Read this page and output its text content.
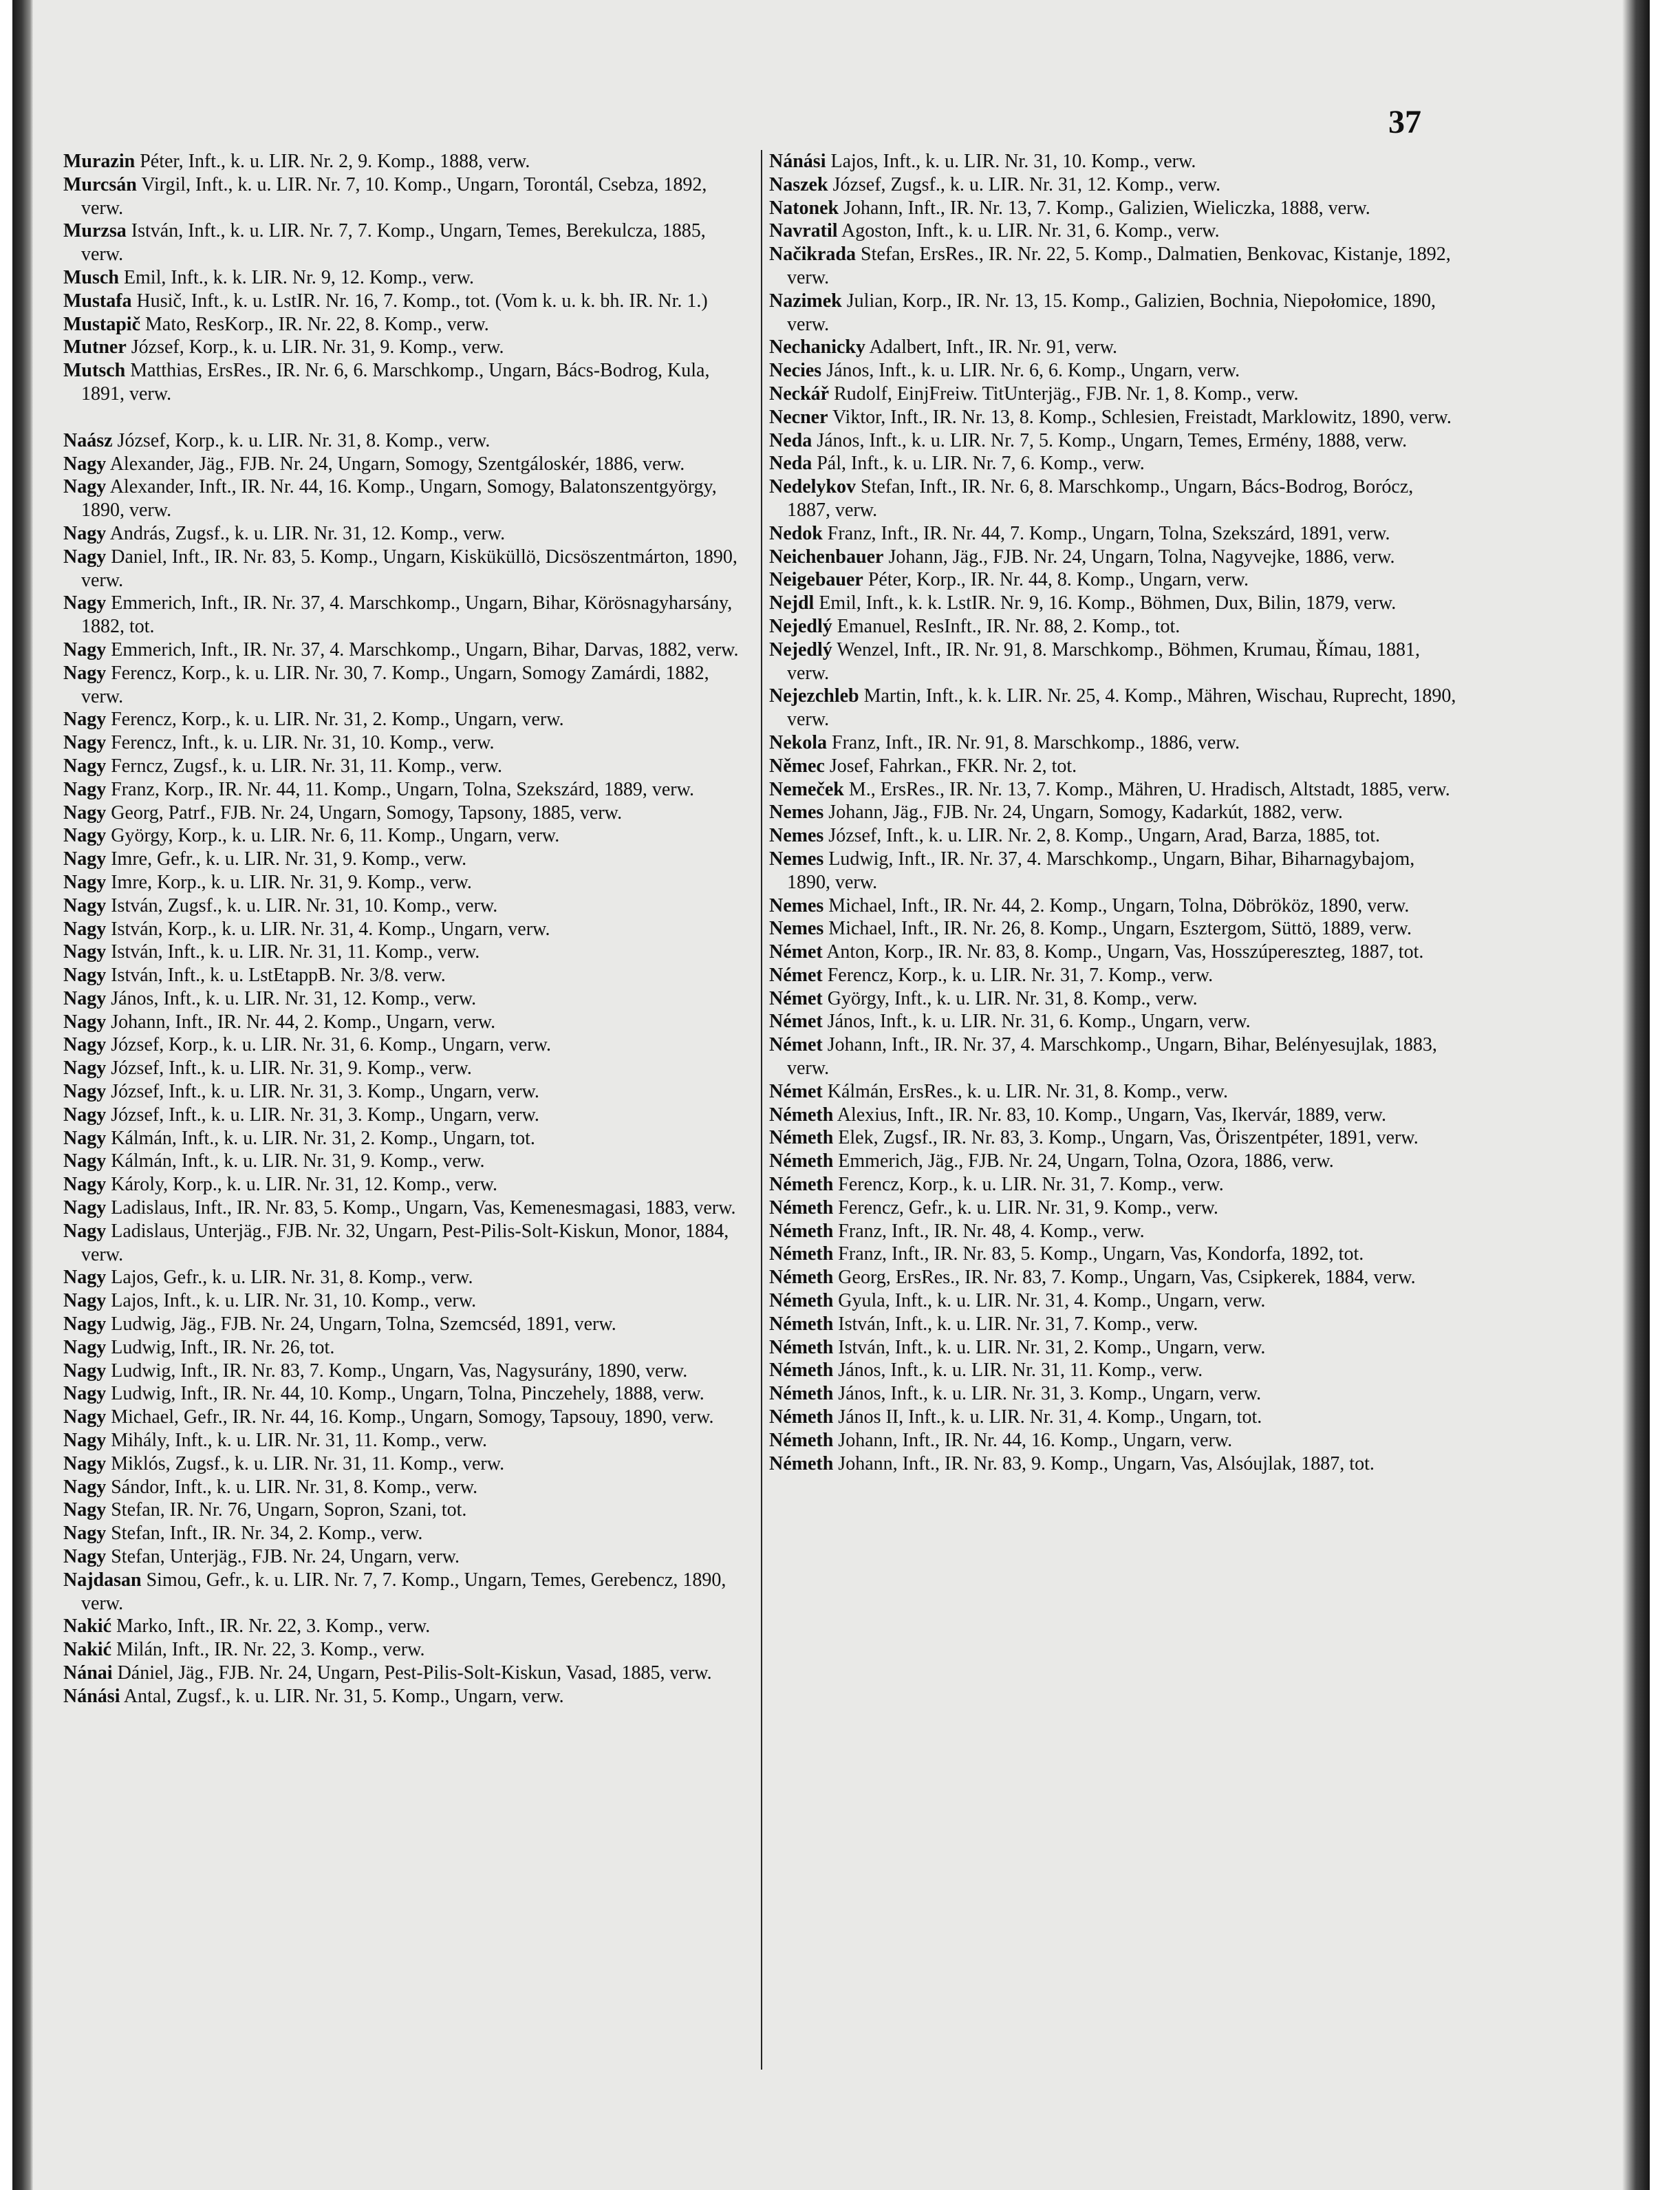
37

Murazin Péter, Inft., k. u. LIR. Nr. 2, 9. Komp., 1888, verw.

Murcsán Virgil, Inft., k. u. LIR. Nr. 7, 10. Komp., Ungarn, Torontál, Csebza, 1892, verw.

Murzsa István, Inft., k. u. LIR. Nr. 7, 7. Komp., Ungarn, Temes, Berekulcza, 1885, verw.

Musch Emil, Inft., k. k. LIR. Nr. 9, 12. Komp., verw.

Mustafa Husič, Inft., k. u. LstIR. Nr. 16, 7. Komp., tot. (Vom k. u. k. bh. IR. Nr. 1.)

Mustapič Mato, ResKorp., IR. Nr. 22, 8. Komp., verw.

Mutner József, Korp., k. u. LIR. Nr. 31, 9. Komp., verw.

Mutsch Matthias, ErsRes., IR. Nr. 6, 6. Marschkomp., Ungarn, Bács-Bodrog, Kula, 1891, verw.

Naász József, Korp., k. u. LIR. Nr. 31, 8. Komp., verw.

Nagy Alexander, Jäg., FJB. Nr. 24, Ungarn, Somogy, Szentgáloskér, 1886, verw.

Nagy Alexander, Inft., IR. Nr. 44, 16. Komp., Ungarn, Somogy, Balatonszentgyörgy, 1890, verw.

Nagy András, Zugsf., k. u. LIR. Nr. 31, 12. Komp., verw.

Nagy Daniel, Inft., IR. Nr. 83, 5. Komp., Ungarn, Kisküküllö, Dicsöszentmárton, 1890, verw.

Nagy Emmerich, Inft., IR. Nr. 37, 4. Marschkomp., Ungarn, Bihar, Körösnagyharsány, 1882, tot.

Nagy Emmerich, Inft., IR. Nr. 37, 4. Marschkomp., Ungarn, Bihar, Darvas, 1882, verw.

Nagy Ferencz, Korp., k. u. LIR. Nr. 30, 7. Komp., Ungarn, Somogy Zamárdi, 1882, verw.

Nagy Ferencz, Korp., k. u. LIR. Nr. 31, 2. Komp., Ungarn, verw.

Nagy Ferencz, Inft., k. u. LIR. Nr. 31, 10. Komp., verw.

Nagy Ferncz, Zugsf., k. u. LIR. Nr. 31, 11. Komp., verw.

Nagy Franz, Korp., IR. Nr. 44, 11. Komp., Ungarn, Tolna, Szekszárd, 1889, verw.

Nagy Georg, Patrf., FJB. Nr. 24, Ungarn, Somogy, Tapsony, 1885, verw.

Nagy György, Korp., k. u. LIR. Nr. 6, 11. Komp., Ungarn, verw.

Nagy Imre, Gefr., k. u. LIR. Nr. 31, 9. Komp., verw.

Nagy Imre, Korp., k. u. LIR. Nr. 31, 9. Komp., verw.

Nagy István, Zugsf., k. u. LIR. Nr. 31, 10. Komp., verw.

Nagy István, Korp., k. u. LIR. Nr. 31, 4. Komp., Ungarn, verw.

Nagy István, Inft., k. u. LIR. Nr. 31, 11. Komp., verw.

Nagy István, Inft., k. u. LstEtappB. Nr. 3/8. verw.

Nagy János, Inft., k. u. LIR. Nr. 31, 12. Komp., verw.

Nagy Johann, Inft., IR. Nr. 44, 2. Komp., Ungarn, verw.

Nagy József, Korp., k. u. LIR. Nr. 31, 6. Komp., Ungarn, verw.

Nagy József, Inft., k. u. LIR. Nr. 31, 9. Komp., verw.

Nagy József, Inft., k. u. LIR. Nr. 31, 3. Komp., Ungarn, verw.

Nagy József, Inft., k. u. LIR. Nr. 31, 3. Komp., Ungarn, verw.

Nagy Kálmán, Inft., k. u. LIR. Nr. 31, 2. Komp., Ungarn, tot.

Nagy Kálmán, Inft., k. u. LIR. Nr. 31, 9. Komp., verw.

Nagy Károly, Korp., k. u. LIR. Nr. 31, 12. Komp., verw.

Nagy Ladislaus, Inft., IR. Nr. 83, 5. Komp., Ungarn, Vas, Kemenesmagasi, 1883, verw.

Nagy Ladislaus, Unterjäg., FJB. Nr. 32, Ungarn, Pest-Pilis-Solt-Kiskun, Monor, 1884, verw.

Nagy Lajos, Gefr., k. u. LIR. Nr. 31, 8. Komp., verw.

Nagy Lajos, Inft., k. u. LIR. Nr. 31, 10. Komp., verw.

Nagy Ludwig, Jäg., FJB. Nr. 24, Ungarn, Tolna, Szemcséd, 1891, verw.

Nagy Ludwig, Inft., IR. Nr. 26, tot.

Nagy Ludwig, Inft., IR. Nr. 83, 7. Komp., Ungarn, Vas, Nagysurány, 1890, verw.

Nagy Ludwig, Inft., IR. Nr. 44, 10. Komp., Ungarn, Tolna, Pinczehely, 1888, verw.

Nagy Michael, Gefr., IR. Nr. 44, 16. Komp., Ungarn, Somogy, Tapsouy, 1890, verw.

Nagy Mihály, Inft., k. u. LIR. Nr. 31, 11. Komp., verw.

Nagy Miklós, Zugsf., k. u. LIR. Nr. 31, 11. Komp., verw.

Nagy Sándor, Inft., k. u. LIR. Nr. 31, 8. Komp., verw.

Nagy Stefan, IR. Nr. 76, Ungarn, Sopron, Szani, tot.

Nagy Stefan, Inft., IR. Nr. 34, 2. Komp., verw.

Nagy Stefan, Unterjäg., FJB. Nr. 24, Ungarn, verw.

Najdasan Simou, Gefr., k. u. LIR. Nr. 7, 7. Komp., Ungarn, Temes, Gerebencz, 1890, verw.

Nakić Marko, Inft., IR. Nr. 22, 3. Komp., verw.

Nakić Milán, Inft., IR. Nr. 22, 3. Komp., verw.

Nánai Dániel, Jäg., FJB. Nr. 24, Ungarn, Pest-Pilis-Solt-Kiskun, Vasad, 1885, verw.

Nánási Antal, Zugsf., k. u. LIR. Nr. 31, 5. Komp., Ungarn, verw.

Nánási Lajos, Inft., k. u. LIR. Nr. 31, 10. Komp., verw.

Naszek József, Zugsf., k. u. LIR. Nr. 31, 12. Komp., verw.

Natonek Johann, Inft., IR. Nr. 13, 7. Komp., Galizien, Wieliczka, 1888, verw.

Navratil Agoston, Inft., k. u. LIR. Nr. 31, 6. Komp., verw.

Načikrada Stefan, ErsRes., IR. Nr. 22, 5. Komp., Dalmatien, Benkovac, Kistanje, 1892, verw.

Nazimek Julian, Korp., IR. Nr. 13, 15. Komp., Galizien, Bochnia, Niepołomice, 1890, verw.

Nechanicky Adalbert, Inft., IR. Nr. 91, verw.

Necies János, Inft., k. u. LIR. Nr. 6, 6. Komp., Ungarn, verw.

Neckář Rudolf, EinjFreiw. TitUnterjäg., FJB. Nr. 1, 8. Komp., verw.

Necner Viktor, Inft., IR. Nr. 13, 8. Komp., Schlesien, Freistadt, Marklowitz, 1890, verw.

Neda János, Inft., k. u. LIR. Nr. 7, 5. Komp., Ungarn, Temes, Ermény, 1888, verw.

Neda Pál, Inft., k. u. LIR. Nr. 7, 6. Komp., verw.

Nedelykov Stefan, Inft., IR. Nr. 6, 8. Marschkomp., Ungarn, Bács-Bodrog, Borócz, 1887, verw.

Nedok Franz, Inft., IR. Nr. 44, 7. Komp., Ungarn, Tolna, Szekszárd, 1891, verw.

Neichenbauer Johann, Jäg., FJB. Nr. 24, Ungarn, Tolna, Nagyvejke, 1886, verw.

Neigebauer Péter, Korp., IR. Nr. 44, 8. Komp., Ungarn, verw.

Nejdl Emil, Inft., k. k. LstIR. Nr. 9, 16. Komp., Böhmen, Dux, Bilin, 1879, verw.

Nejedlý Emanuel, ResInft., IR. Nr. 88, 2. Komp., tot.

Nejedlý Wenzel, Inft., IR. Nr. 91, 8. Marschkomp., Böhmen, Krumau, Římau, 1881, verw.

Nejezchleb Martin, Inft., k. k. LIR. Nr. 25, 4. Komp., Mähren, Wischau, Ruprecht, 1890, verw.

Nekola Franz, Inft., IR. Nr. 91, 8. Marschkomp., 1886, verw.

Němec Josef, Fahrkan., FKR. Nr. 2, tot.

Nemeček M., ErsRes., IR. Nr. 13, 7. Komp., Mähren, U. Hradisch, Altstadt, 1885, verw.

Nemes Johann, Jäg., FJB. Nr. 24, Ungarn, Somogy, Kadarkút, 1882, verw.

Nemes József, Inft., k. u. LIR. Nr. 2, 8. Komp., Ungarn, Arad, Barza, 1885, tot.

Nemes Ludwig, Inft., IR. Nr. 37, 4. Marschkomp., Ungarn, Bihar, Biharnagybajom, 1890, verw.

Nemes Michael, Inft., IR. Nr. 44, 2. Komp., Ungarn, Tolna, Döbrököz, 1890, verw.

Nemes Michael, Inft., IR. Nr. 26, 8. Komp., Ungarn, Esztergom, Süttö, 1889, verw.

Német Anton, Korp., IR. Nr. 83, 8. Komp., Ungarn, Vas, Hosszúpereszteg, 1887, tot.

Német Ferencz, Korp., k. u. LIR. Nr. 31, 7. Komp., verw.

Német György, Inft., k. u. LIR. Nr. 31, 8. Komp., verw.

Német János, Inft., k. u. LIR. Nr. 31, 6. Komp., Ungarn, verw.

Német Johann, Inft., IR. Nr. 37, 4. Marschkomp., Ungarn, Bihar, Belényesujlak, 1883, verw.

Német Kálmán, ErsRes., k. u. LIR. Nr. 31, 8. Komp., verw.

Németh Alexius, Inft., IR. Nr. 83, 10. Komp., Ungarn, Vas, Ikervár, 1889, verw.

Németh Elek, Zugsf., IR. Nr. 83, 3. Komp., Ungarn, Vas, Öriszentpéter, 1891, verw.

Németh Emmerich, Jäg., FJB. Nr. 24, Ungarn, Tolna, Ozora, 1886, verw.

Németh Ferencz, Korp., k. u. LIR. Nr. 31, 7. Komp., verw.

Németh Ferencz, Gefr., k. u. LIR. Nr. 31, 9. Komp., verw.

Németh Franz, Inft., IR. Nr. 48, 4. Komp., verw.

Németh Franz, Inft., IR. Nr. 83, 5. Komp., Ungarn, Vas, Kondorfa, 1892, tot.

Németh Georg, ErsRes., IR. Nr. 83, 7. Komp., Ungarn, Vas, Csipkerek, 1884, verw.

Németh Gyula, Inft., k. u. LIR. Nr. 31, 4. Komp., Ungarn, verw.

Németh István, Inft., k. u. LIR. Nr. 31, 7. Komp., verw.

Németh István, Inft., k. u. LIR. Nr. 31, 2. Komp., Ungarn, verw.

Németh János, Inft., k. u. LIR. Nr. 31, 11. Komp., verw.

Németh János, Inft., k. u. LIR. Nr. 31, 3. Komp., Ungarn, verw.

Németh János II, Inft., k. u. LIR. Nr. 31, 4. Komp., Ungarn, tot.

Németh Johann, Inft., IR. Nr. 44, 16. Komp., Ungarn, verw.

Németh Johann, Inft., IR. Nr. 83, 9. Komp., Ungarn, Vas, Alsóujlak, 1887, tot.
